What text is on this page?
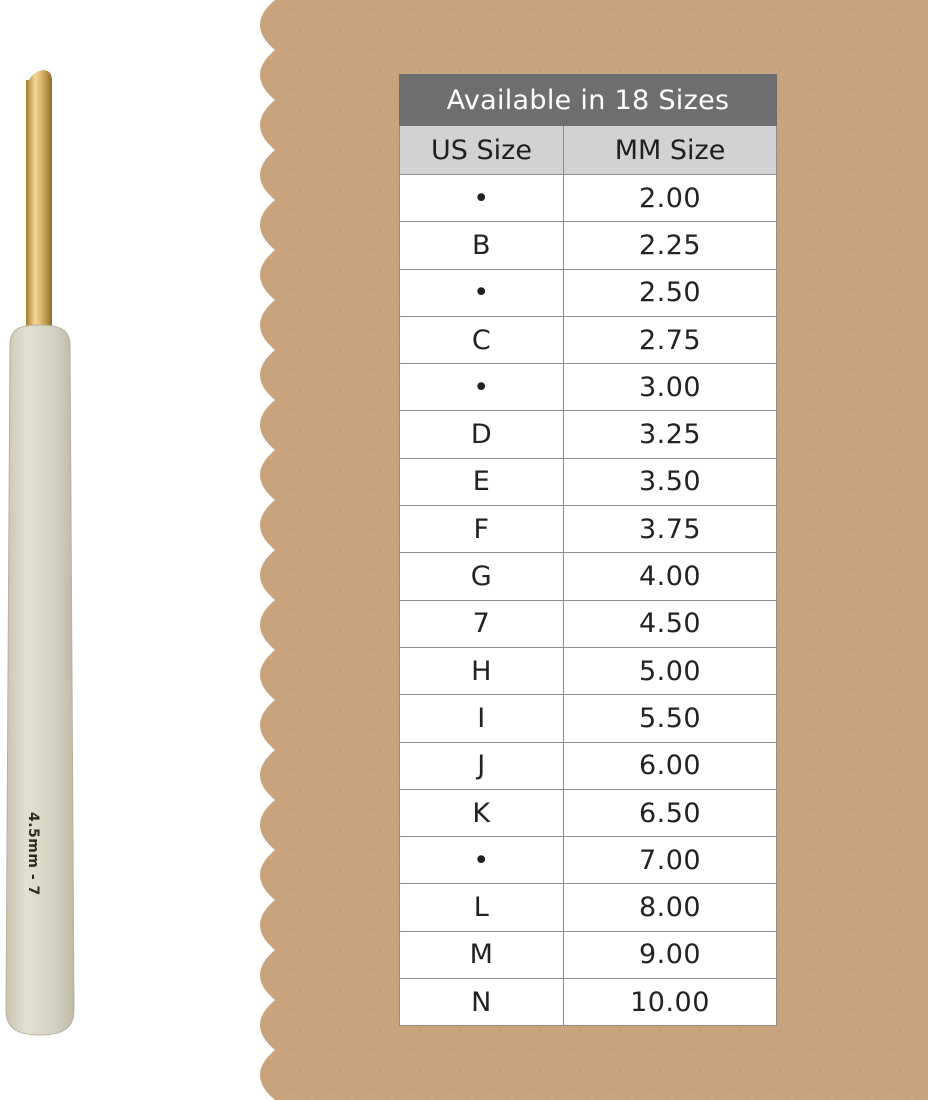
4.5mm - 7
Available in 18 Sizes	
US Size	MM Size
•	2.00
B	2.25
•	2.50
C	2.75
•	3.00
D	3.25
E	3.50
F	3.75
G	4.00
7	4.50
H	5.00
I	5.50
J	6.00
K	6.50
•	7.00
L	8.00
M	9.00
N	10.00
